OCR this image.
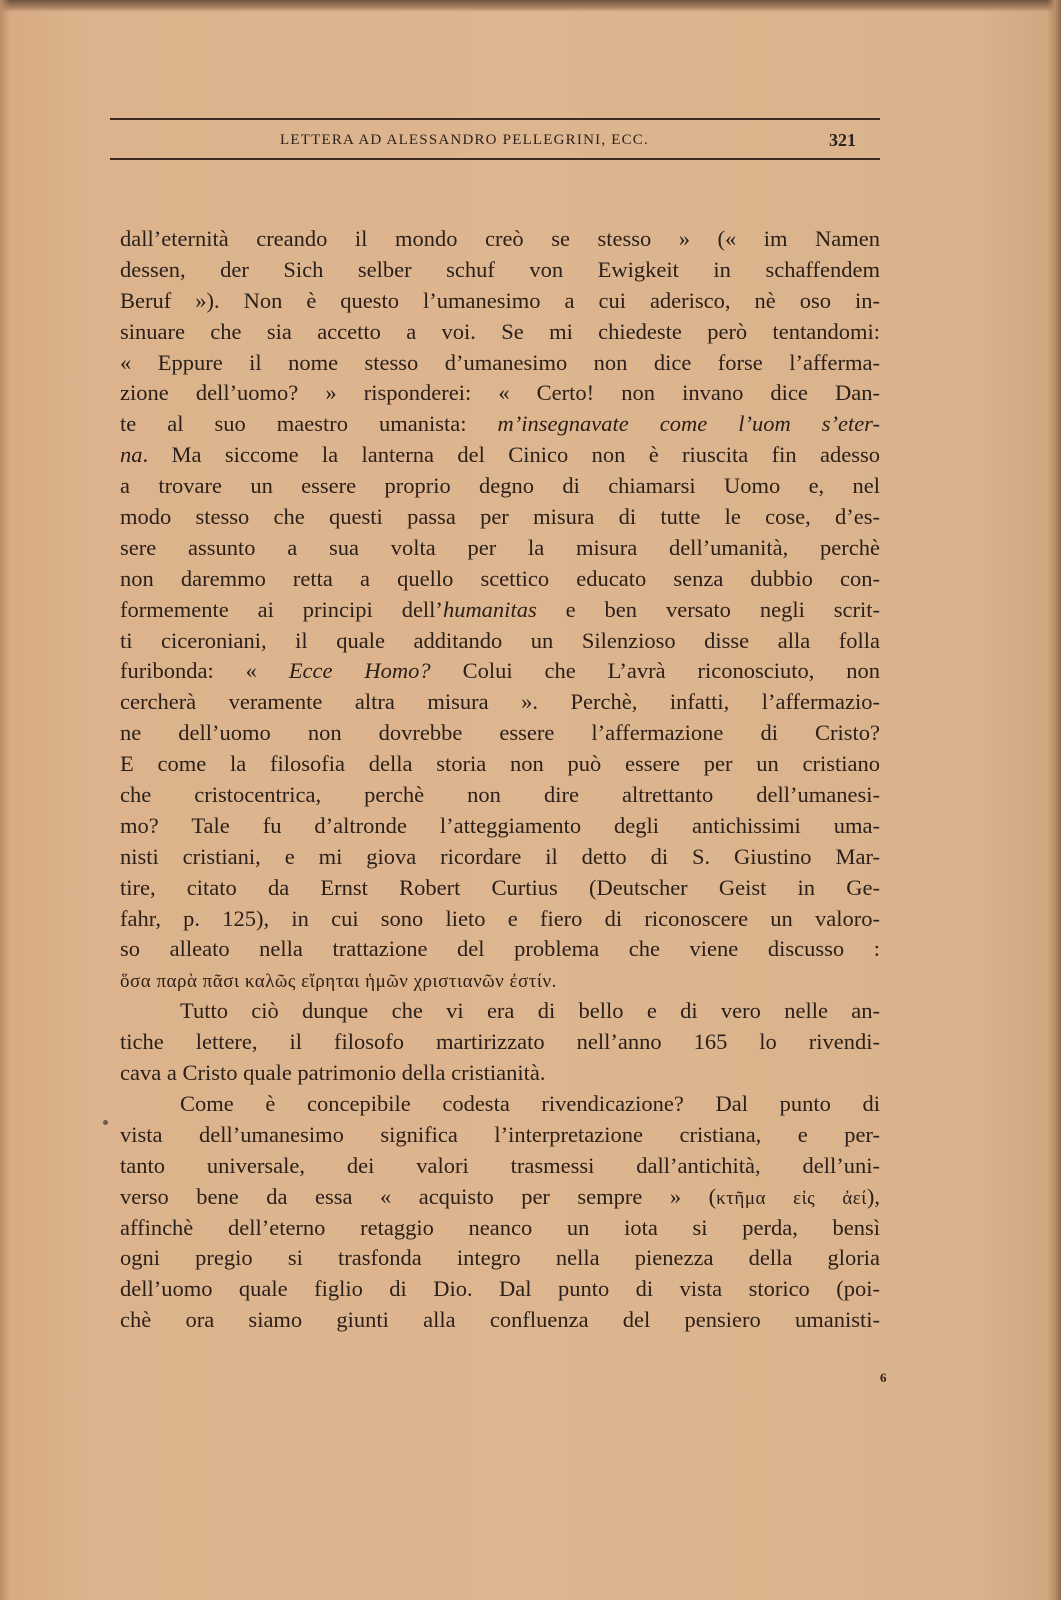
LETTERA AD ALESSANDRO PELLEGRINI, ECC.	321
dall’eternità creando il mondo creò se stesso » (« im Namen
dessen, der Sich selber schuf von Ewigkeit in schaffendem
Beruf »). Non è questo l’umanesimo a cui aderisco, nè oso in-
sinuare che sia accetto a voi. Se mi chiedeste però tentandomi:
« Eppure il nome stesso d’umanesimo non dice forse l’afferma-
zione dell’uomo? » risponderei: « Certo! non invano dice Dan-
te al suo maestro umanista: m’insegnavate come l’uom s’eter-
na. Ma siccome la lanterna del Cinico non è riuscita fin adesso
a trovare un essere proprio degno di chiamarsi Uomo e, nel
modo stesso che questi passa per misura di tutte le cose, d’es-
sere assunto a sua volta per la misura dell’umanità, perchè
non daremmo retta a quello scettico educato senza dubbio con-
formemente ai principi dell’humanitas e ben versato negli scrit-
ti ciceroniani, il quale additando un Silenzioso disse alla folla
furibonda: « Ecce Homo? Colui che L’avrà riconosciuto, non
cercherà veramente altra misura ». Perchè, infatti, l’affermazio-
ne dell’uomo non dovrebbe essere l’affermazione di Cristo?
E come la filosofia della storia non può essere per un cristiano
che cristocentrica, perchè non dire altrettanto dell’umanesi-
mo? Tale fu d’altronde l’atteggiamento degli antichissimi uma-
nisti cristiani, e mi giova ricordare il detto di S. Giustino Mar-
tire, citato da Ernst Robert Curtius (Deutscher Geist in Ge-
fahr, p. 125), in cui sono lieto e fiero di riconoscere un valoro-
so alleato nella trattazione del problema che viene discusso :
ὅσα παρὰ πᾶσι καλῶς εἴρηται ἡμῶν χριστιανῶν ἐστίν.
Tutto ciò dunque che vi era di bello e di vero nelle an-
tiche lettere, il filosofo martirizzato nell’anno 165 lo rivendi-
cava a Cristo quale patrimonio della cristianità.
Come è concepibile codesta rivendicazione? Dal punto di
vista dell’umanesimo significa l’interpretazione cristiana, e per-
tanto universale, dei valori trasmessi dall’antichità, dell’uni-
verso bene da essa « acquisto per sempre » (κτῆμα εἰς ἀεί),
affinchè dell’eterno retaggio neanco un iota si perda, bensì
ogni pregio si trasfonda integro nella pienezza della gloria
dell’uomo quale figlio di Dio. Dal punto di vista storico (poi-
chè ora siamo giunti alla confluenza del pensiero umanisti-
6
